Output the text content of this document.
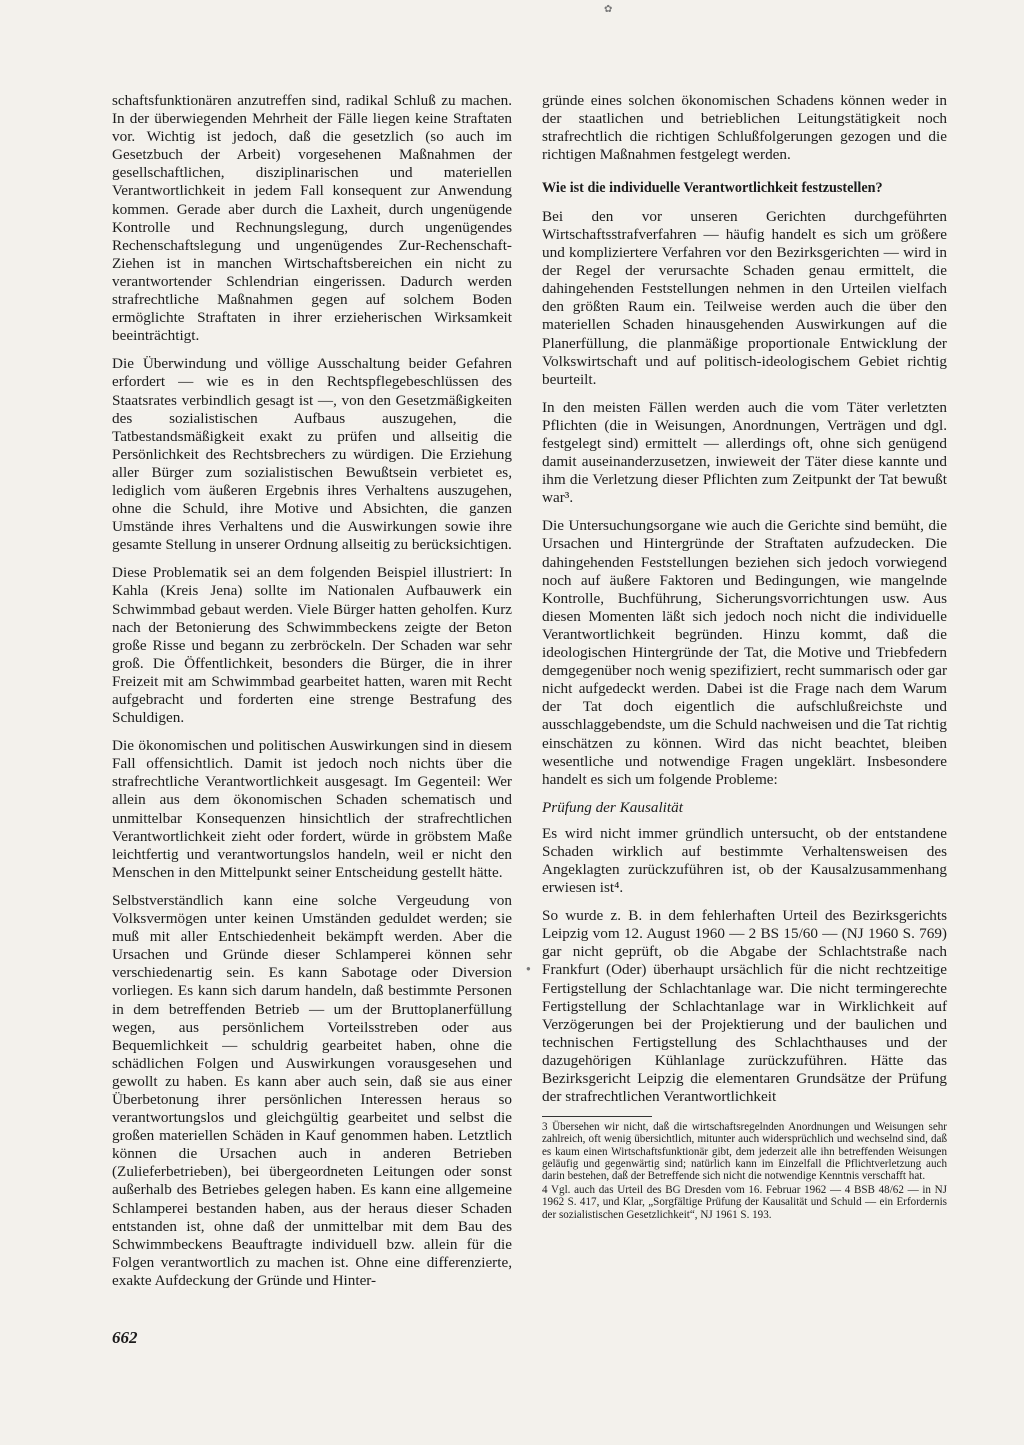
✿
●

schaftsfunktionären anzutreffen sind, radikal Schluß zu machen. In der überwiegenden Mehrheit der Fälle liegen keine Straftaten vor. Wichtig ist jedoch, daß die gesetzlich (so auch im Gesetzbuch der Arbeit) vorgesehenen Maßnahmen der gesellschaftlichen, disziplinarischen und materiellen Verantwortlichkeit in jedem Fall konsequent zur Anwendung kommen. Gerade aber durch die Laxheit, durch ungenügende Kontrolle und Rechnungslegung, durch ungenügendes Rechenschaftslegung und ungenügendes Zur-Rechenschaft-Ziehen ist in manchen Wirtschaftsbereichen ein nicht zu verantwortender Schlendrian eingerissen. Dadurch werden strafrechtliche Maßnahmen gegen auf solchem Boden ermöglichte Straftaten in ihrer erzieherischen Wirksamkeit beeinträchtigt.

Die Überwindung und völlige Ausschaltung beider Gefahren erfordert — wie es in den Rechtspflegebeschlüssen des Staatsrates verbindlich gesagt ist —, von den Gesetzmäßigkeiten des sozialistischen Aufbaus auszugehen, die Tatbestandsmäßigkeit exakt zu prüfen und allseitig die Persönlichkeit des Rechtsbrechers zu würdigen. Die Erziehung aller Bürger zum sozialistischen Bewußtsein verbietet es, lediglich vom äußeren Ergebnis ihres Verhaltens auszugehen, ohne die Schuld, ihre Motive und Absichten, die ganzen Umstände ihres Verhaltens und die Auswirkungen sowie ihre gesamte Stellung in unserer Ordnung allseitig zu berücksichtigen.

Diese Problematik sei an dem folgenden Beispiel illustriert: In Kahla (Kreis Jena) sollte im Nationalen Aufbauwerk ein Schwimmbad gebaut werden. Viele Bürger hatten geholfen. Kurz nach der Betonierung des Schwimmbeckens zeigte der Beton große Risse und begann zu zerbröckeln. Der Schaden war sehr groß. Die Öffentlichkeit, besonders die Bürger, die in ihrer Freizeit mit am Schwimmbad gearbeitet hatten, waren mit Recht aufgebracht und forderten eine strenge Bestrafung des Schuldigen.

Die ökonomischen und politischen Auswirkungen sind in diesem Fall offensichtlich. Damit ist jedoch noch nichts über die strafrechtliche Verantwortlichkeit ausgesagt. Im Gegenteil: Wer allein aus dem ökonomischen Schaden schematisch und unmittelbar Konsequenzen hinsichtlich der strafrechtlichen Verantwortlichkeit zieht oder fordert, würde in gröbstem Maße leichtfertig und verantwortungslos handeln, weil er nicht den Menschen in den Mittelpunkt seiner Entscheidung gestellt hätte.

Selbstverständlich kann eine solche Vergeudung von Volksvermögen unter keinen Umständen geduldet werden; sie muß mit aller Entschiedenheit bekämpft werden. Aber die Ursachen und Gründe dieser Schlamperei können sehr verschiedenartig sein. Es kann Sabotage oder Diversion vorliegen. Es kann sich darum handeln, daß bestimmte Personen in dem betreffenden Betrieb — um der Bruttoplanerfüllung wegen, aus persönlichem Vorteilsstreben oder aus Bequemlichkeit — schuldrig gearbeitet haben, ohne die schädlichen Folgen und Auswirkungen vorausgesehen und gewollt zu haben. Es kann aber auch sein, daß sie aus einer Überbetonung ihrer persönlichen Interessen heraus so verantwortungslos und gleichgültig gearbeitet und selbst die großen materiellen Schäden in Kauf genommen haben. Letztlich können die Ursachen auch in anderen Betrieben (Zulieferbetrieben), bei übergeordneten Leitungen oder sonst außerhalb des Betriebes gelegen haben. Es kann eine allgemeine Schlamperei bestanden haben, aus der heraus dieser Schaden entstanden ist, ohne daß der unmittelbar mit dem Bau des Schwimmbeckens Beauftragte individuell bzw. allein für die Folgen verantwortlich zu machen ist. Ohne eine differenzierte, exakte Aufdeckung der Gründe und Hinter-

gründe eines solchen ökonomischen Schadens können weder in der staatlichen und betrieblichen Leitungstätigkeit noch strafrechtlich die richtigen Schlußfolgerungen gezogen und die richtigen Maßnahmen festgelegt werden.

Wie ist die individuelle Verantwortlichkeit festzustellen?

Bei den vor unseren Gerichten durchgeführten Wirtschaftsstrafverfahren — häufig handelt es sich um größere und kompliziertere Verfahren vor den Bezirksgerichten — wird in der Regel der verursachte Schaden genau ermittelt, die dahingehenden Feststellungen nehmen in den Urteilen vielfach den größten Raum ein. Teilweise werden auch die über den materiellen Schaden hinausgehenden Auswirkungen auf die Planerfüllung, die planmäßige proportionale Entwicklung der Volkswirtschaft und auf politisch-ideologischem Gebiet richtig beurteilt.

In den meisten Fällen werden auch die vom Täter verletzten Pflichten (die in Weisungen, Anordnungen, Verträgen und dgl. festgelegt sind) ermittelt — allerdings oft, ohne sich genügend damit auseinanderzusetzen, inwieweit der Täter diese kannte und ihm die Verletzung dieser Pflichten zum Zeitpunkt der Tat bewußt war³.

Die Untersuchungsorgane wie auch die Gerichte sind bemüht, die Ursachen und Hintergründe der Straftaten aufzudecken. Die dahingehenden Feststellungen beziehen sich jedoch vorwiegend noch auf äußere Faktoren und Bedingungen, wie mangelnde Kontrolle, Buchführung, Sicherungsvorrichtungen usw. Aus diesen Momenten läßt sich jedoch noch nicht die individuelle Verantwortlichkeit begründen. Hinzu kommt, daß die ideologischen Hintergründe der Tat, die Motive und Triebfedern demgegenüber noch wenig spezifiziert, recht summarisch oder gar nicht aufgedeckt werden. Dabei ist die Frage nach dem Warum der Tat doch eigentlich die aufschlußreichste und ausschlaggebendste, um die Schuld nachweisen und die Tat richtig einschätzen zu können. Wird das nicht beachtet, bleiben wesentliche und notwendige Fragen ungeklärt. Insbesondere handelt es sich um folgende Probleme:

Prüfung der Kausalität

Es wird nicht immer gründlich untersucht, ob der entstandene Schaden wirklich auf bestimmte Verhaltensweisen des Angeklagten zurückzuführen ist, ob der Kausalzusammenhang erwiesen ist⁴.

So wurde z. B. in dem fehlerhaften Urteil des Bezirksgerichts Leipzig vom 12. August 1960 — 2 BS 15/60 — (NJ 1960 S. 769) gar nicht geprüft, ob die Abgabe der Schlachtstraße nach Frankfurt (Oder) überhaupt ursächlich für die nicht rechtzeitige Fertigstellung der Schlachtanlage war. Die nicht termingerechte Fertigstellung der Schlachtanlage war in Wirklichkeit auf Verzögerungen bei der Projektierung und der baulichen und technischen Fertigstellung des Schlachthauses und der dazugehörigen Kühlanlage zurückzuführen. Hätte das Bezirksgericht Leipzig die elementaren Grundsätze der Prüfung der strafrechtlichen Verantwortlichkeit

3 Übersehen wir nicht, daß die wirtschaftsregelnden Anordnungen und Weisungen sehr zahlreich, oft wenig übersichtlich, mitunter auch widersprüchlich und wechselnd sind, daß es kaum einen Wirtschaftsfunktionär gibt, dem jederzeit alle ihn betreffenden Weisungen geläufig und gegenwärtig sind; natürlich kann im Einzelfall die Pflichtverletzung auch darin bestehen, daß der Betreffende sich nicht die notwendige Kenntnis verschafft hat.

4 Vgl. auch das Urteil des BG Dresden vom 16. Februar 1962 — 4 BSB 48/62 — in NJ 1962 S. 417, und Klar, „Sorgfältige Prüfung der Kausalität und Schuld — ein Erfordernis der sozialistischen Gesetzlichkeit“, NJ 1961 S. 193.

662
